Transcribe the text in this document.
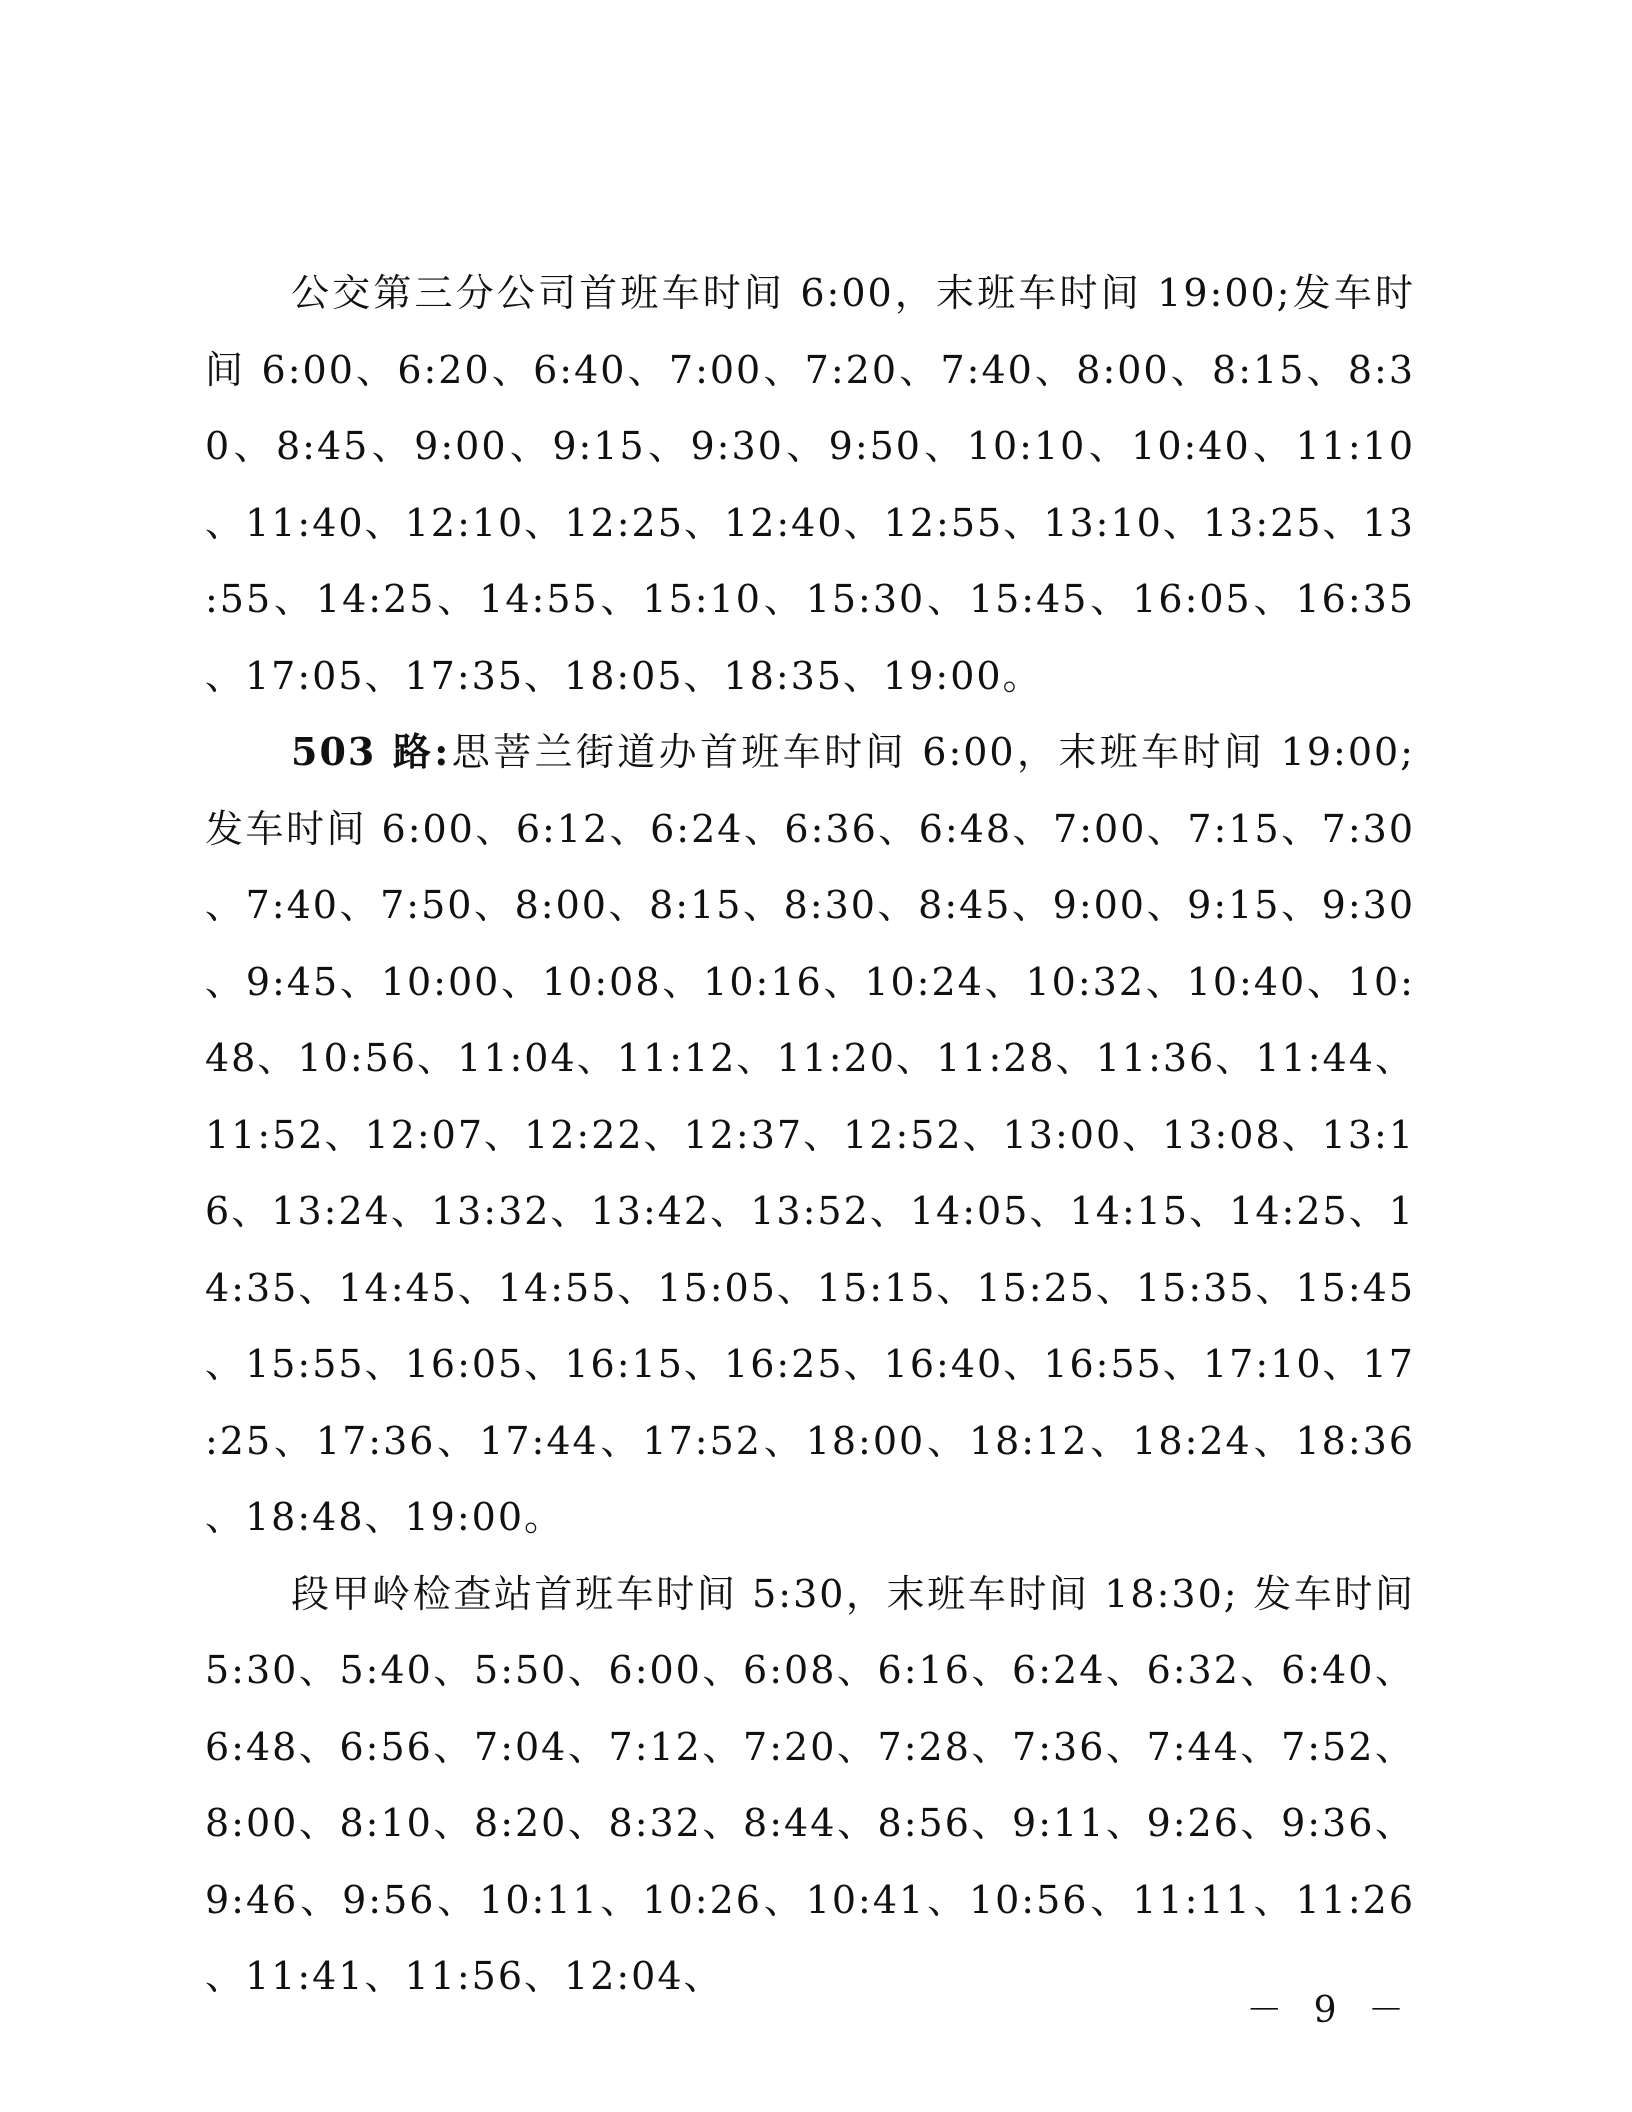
公交第三分公司首班车时间 6:00，末班车时间 19:00;发车时间 6:00、6:20、6:40、7:00、7:20、7:40、8:00、8:15、8:30、8:45、9:00、9:15、9:30、9:50、10:10、10:40、11:10、11:40、12:10、12:25、12:40、12:55、13:10、13:25、13:55、14:25、14:55、15:10、15:30、15:45、16:05、16:35、17:05、17:35、18:05、18:35、19:00。

503 路:思菩兰街道办首班车时间 6:00，末班车时间 19:00;发车时间 6:00、6:12、6:24、6:36、6:48、7:00、7:15、7:30、7:40、7:50、8:00、8:15、8:30、8:45、9:00、9:15、9:30、9:45、10:00、10:08、10:16、10:24、10:32、10:40、10:48、10:56、11:04、11:12、11:20、11:28、11:36、11:44、11:52、12:07、12:22、12:37、12:52、13:00、13:08、13:16、13:24、13:32、13:42、13:52、14:05、14:15、14:25、14:35、14:45、14:55、15:05、15:15、15:25、15:35、15:45、15:55、16:05、16:15、16:25、16:40、16:55、17:10、17:25、17:36、17:44、17:52、18:00、18:12、18:24、18:36、18:48、19:00。

段甲岭检查站首班车时间 5:30，末班车时间 18:30; 发车时间 5:30、5:40、5:50、6:00、6:08、6:16、6:24、6:32、6:40、6:48、6:56、7:04、7:12、7:20、7:28、7:36、7:44、7:52、8:00、8:10、8:20、8:32、8:44、8:56、9:11、9:26、9:36、9:46、9:56、10:11、10:26、10:41、10:56、11:11、11:26、11:41、11:56、12:04、

－ 9 －
